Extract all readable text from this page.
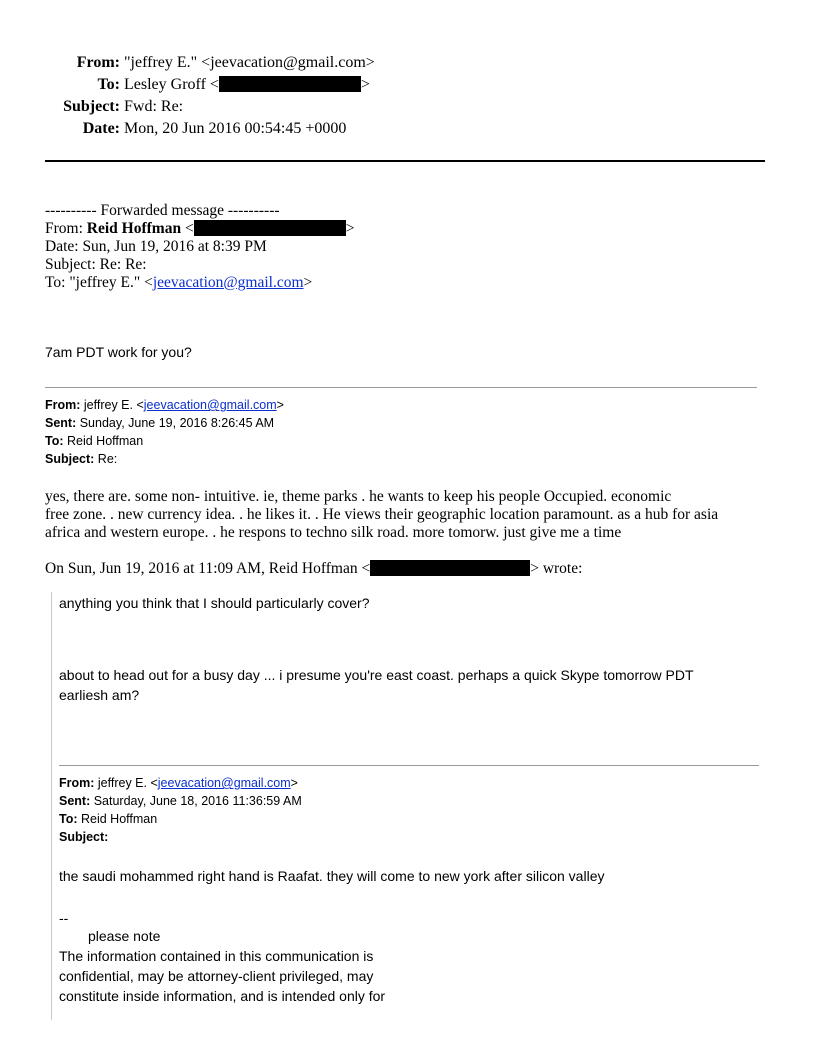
From: "jeffrey E." <jeevacation@gmail.com>
To: Lesley Groff <	>
Subject: Fwd: Re:
Date: Mon, 20 Jun 2016 00:54:45 +0000
---------- Forwarded message ----------
From: Reid Hoffman <	>
Date: Sun, Jun 19, 2016 at 8:39 PM
Subject: Re: Re:
To: "jeffrey E." <jeevacation@gmail.com>
7am PDT work for you?
From: jeffrey E. <jeevacation@gmail.com>
Sent: Sunday, June 19, 2016 8:26:45 AM
To: Reid Hoffman
Subject: Re:
yes, there are. some non- intuitive. ie, theme parks . he wants to keep his people Occupied. economic
free zone. . new currency idea. . he likes it. . He views their geographic location paramount. as a hub for asia
africa and western europe. . he respons to techno silk road. more tomorw. just give me a time
On Sun, Jun 19, 2016 at 11:09 AM, Reid Hoffman <	> wrote:
anything you think that I should particularly cover?
about to head out for a busy day ... i presume you're east coast. perhaps a quick Skype tomorrow PDT
earliesh am?
From: jeffrey E. <jeevacation@gmail.com>
Sent: Saturday, June 18, 2016 11:36:59 AM
To: Reid Hoffman
Subject:
the saudi mohammed right hand is Raafat. they will come to new york after silicon valley
--
please note
The information contained in this communication is
confidential, may be attorney-client privileged, may
constitute inside information, and is intended only for
